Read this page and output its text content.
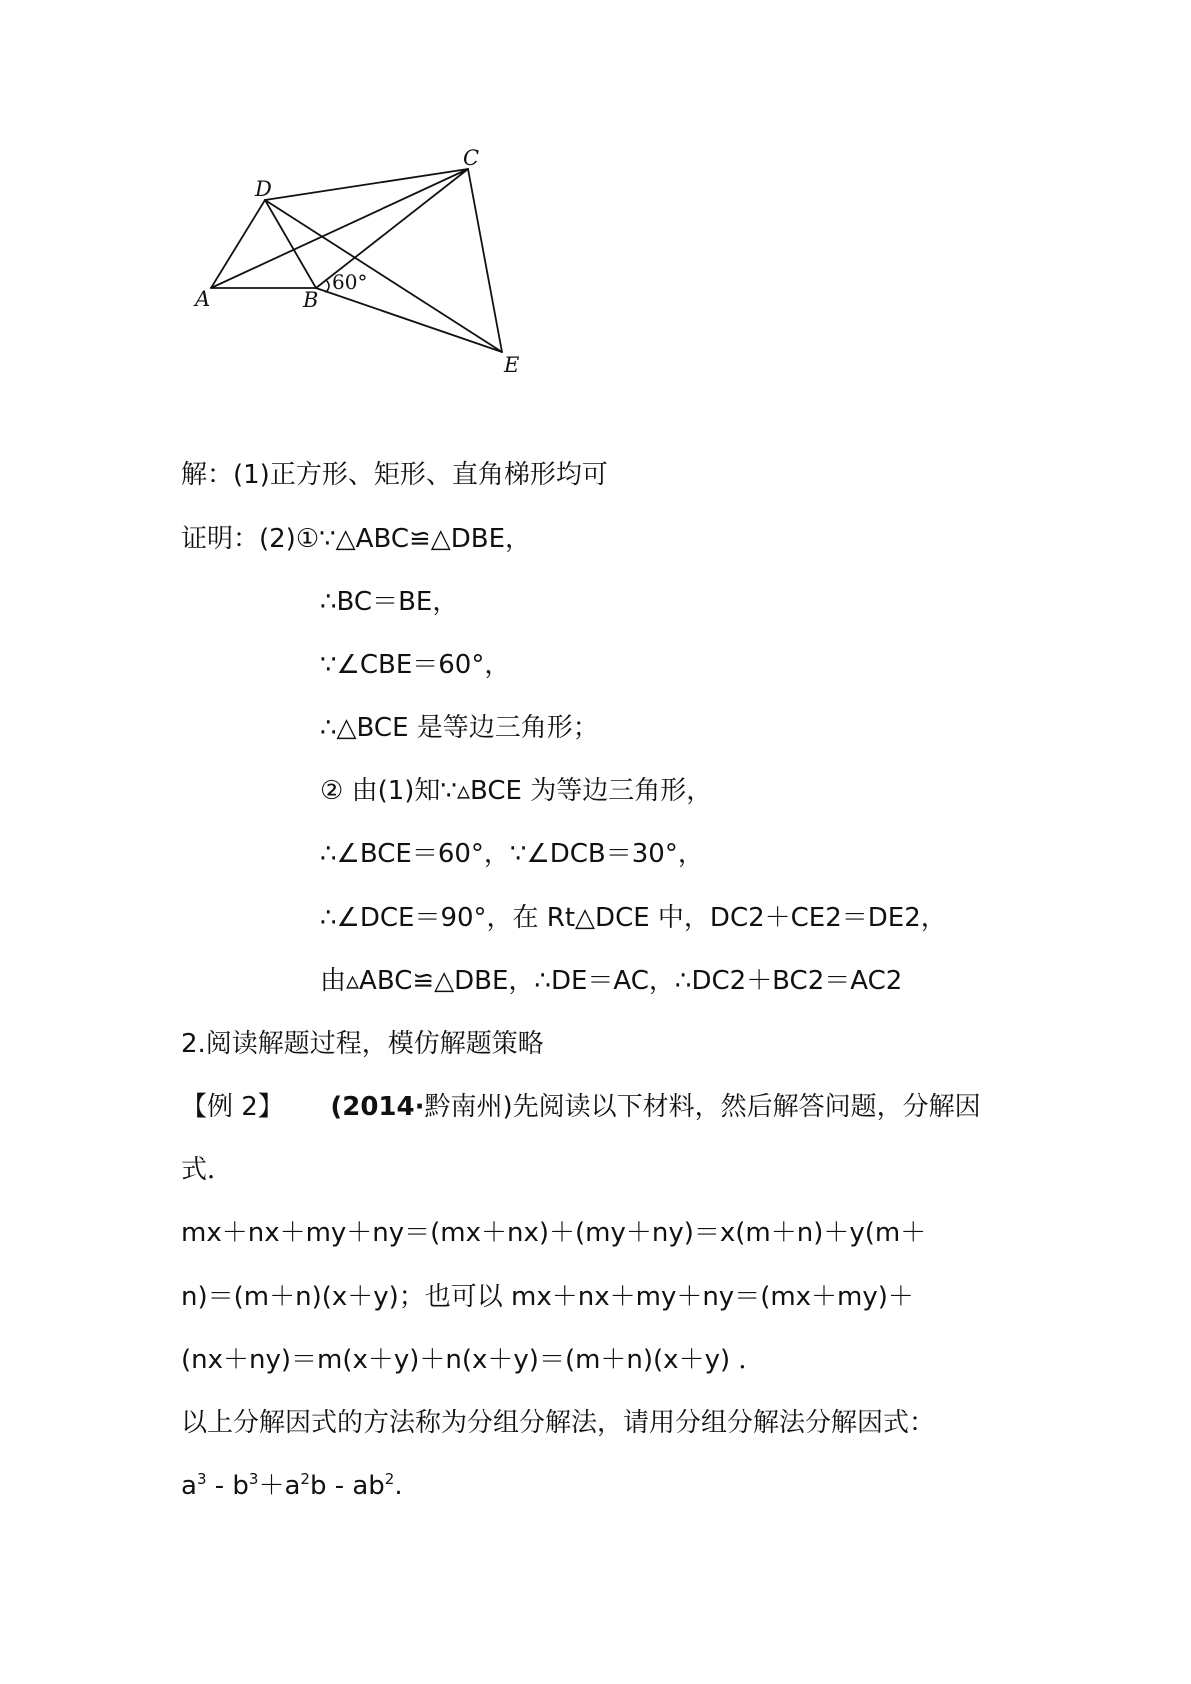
C
D
A	B
E
60°
解：(1)正方形、矩形、直角梯形均可
证明：(2)①∵△ABC≌△DBE，
∴BC＝BE，
∵∠CBE＝60°，
∴△BCE 是等边三角形；
② 由(1)知∵▵BCE 为等边三角形，
∴∠BCE＝60°，∵∠DCB＝30°，
∴∠DCE＝90°，在 Rt△DCE 中，DC2＋CE2＝DE2，
由▵ABC≌△DBE，∴DE＝AC，∴DC2＋BC2＝AC2
2.阅读解题过程，模仿解题策略
【例 2】 (2014·黔南州)先阅读以下材料，然后解答问题，分解因
式．
mx＋nx＋my＋ny＝(mx＋nx)＋(my＋ny)＝x(m＋n)＋y(m＋
n)＝(m＋n)(x＋y)；也可以 mx＋nx＋my＋ny＝(mx＋my)＋
(nx＋ny)＝m(x＋y)＋n(x＋y)＝(m＋n)(x＋y) ．
以上分解因式的方法称为分组分解法，请用分组分解法分解因式：
$a^3 - b^3+a^2b - ab^2$.
